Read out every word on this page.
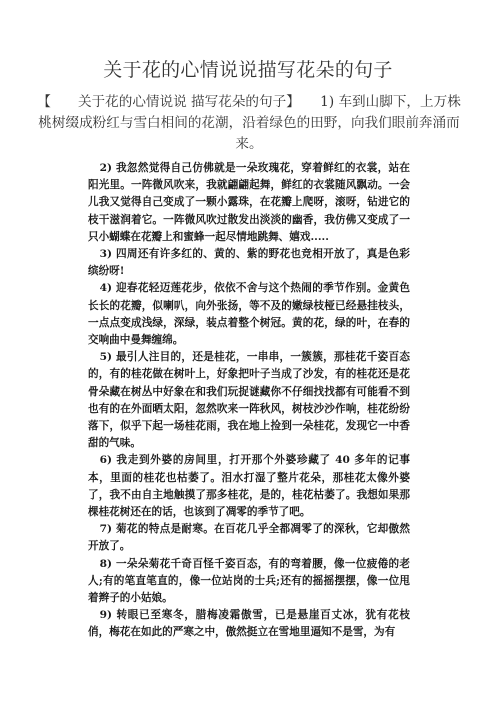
关于花的心情说说描写花朵的句子
【　　关于花的心情说说 描写花朵的句子】　　1) 车到山脚下，上万株桃树缀成粉红与雪白相间的花潮，沿着绿色的田野，向我们眼前奔涌而来。

2) 我忽然觉得自己仿佛就是一朵玫瑰花，穿着鲜红的衣裳，站在阳光里。一阵微风吹来，我就翩翩起舞，鲜红的衣裳随风飘动。一会儿我又觉得自己变成了一颗小露珠，在花瓣上爬呀，滚呀，钻进它的枝干滋润着它。一阵微风吹过散发出淡淡的幽香，我仿佛又变成了一只小蝴蝶在花瓣上和蜜蜂一起尽情地跳舞、嬉戏.....

3) 四周还有许多红的、黄的、紫的野花也竞相开放了，真是色彩缤纷呀!

4) 迎春花轻迈莲花步，依依不舍与这个热闹的季节作别。金黄色长长的花瓣，似喇叭，向外张扬，等不及的嫩绿枝桠已经悬挂枝头，一点点变成浅绿，深绿，装点着整个树冠。黄的花，绿的叶，在春的交响曲中曼舞缠绵。

5) 最引人注目的，还是桂花，一串串，一簇簇，那桂花千姿百态的，有的桂花做在树叶上，好象把叶子当成了沙发，有的桂花还是花骨朵藏在树丛中好象在和我们玩捉谜藏你不仔细找找都有可能看不到也有的在外面晒太阳，忽然吹来一阵秋风，树枝沙沙作响，桂花纷纷落下，似乎下起一场桂花雨，我在地上捡到一朵桂花，发现它一中香甜的气味。

6) 我走到外婆的房间里，打开那个外婆珍藏了 40 多年的记事本，里面的桂花也枯萎了。泪水打湿了整片花朵，那桂花太像外婆了，我不由自主地触摸了那多桂花，是的，桂花枯萎了。我想如果那棵桂花树还在的话，也该到了凋零的季节了吧。

7) 菊花的特点是耐寒。在百花几乎全都凋零了的深秋，它却傲然开放了。

8) 一朵朵菊花千奇百怪千姿百态，有的弯着腰，像一位疲倦的老人;有的笔直笔直的，像一位站岗的士兵;还有的摇摇摆摆，像一位甩着辫子的小姑娘。

9) 转眼已至寒冬，腊梅凌霜傲雪，已是悬崖百丈冰，犹有花枝俏，梅花在如此的严寒之中，傲然挺立在雪地里逼知不是雪，为有
